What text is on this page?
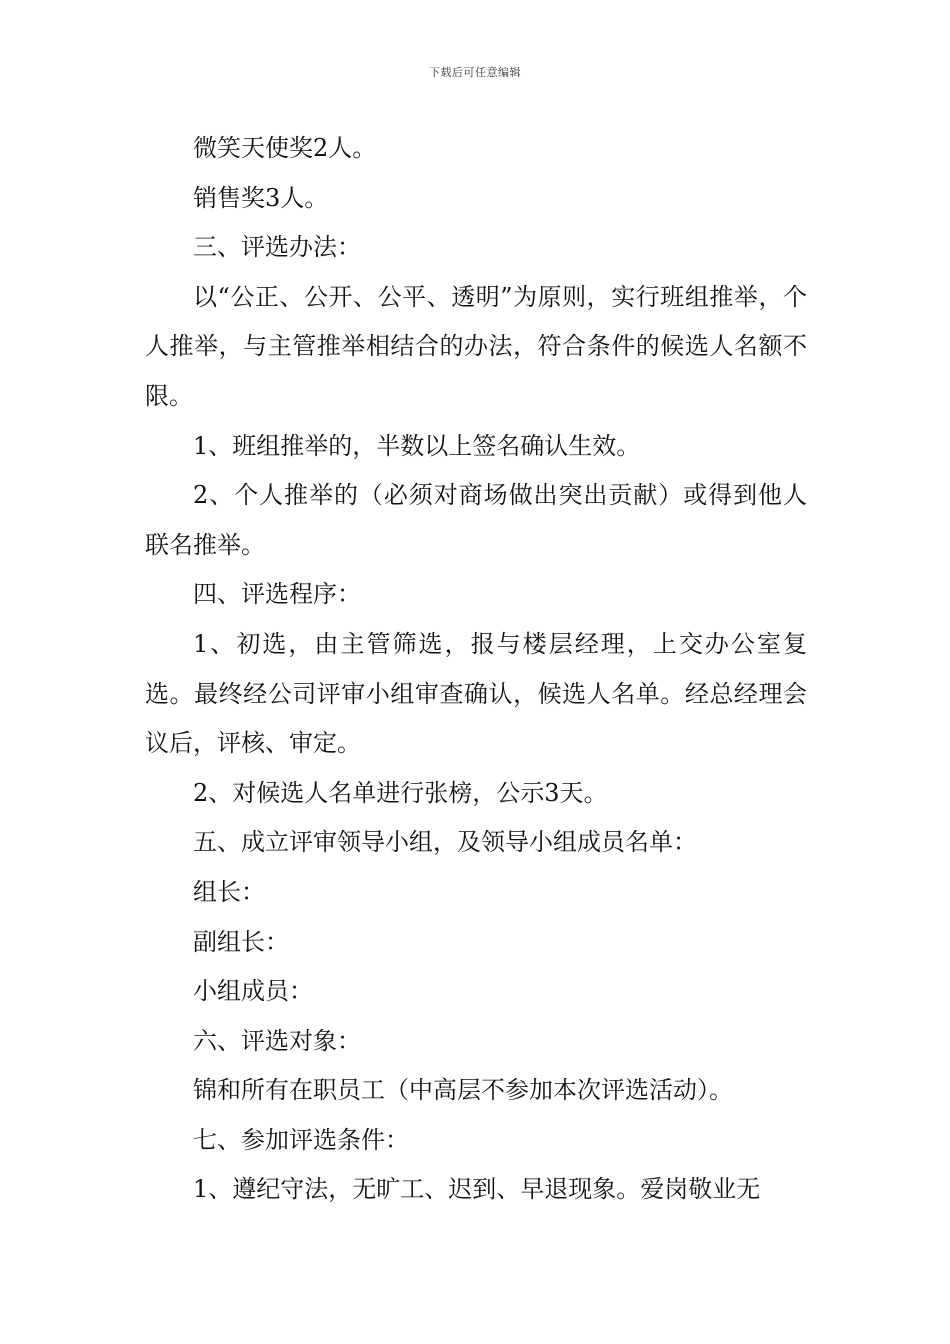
下载后可任意编辑

微笑天使奖2人。

销售奖3人。

三、评选办法：

以“公正、公开、公平、透明”为原则，实行班组推举，个人推举，与主管推举相结合的办法，符合条件的候选人名额不限。

1、班组推举的，半数以上签名确认生效。

2、个人推举的（必须对商场做出突出贡献）或得到他人联名推举。

四、评选程序：

1、初选，由主管筛选，报与楼层经理，上交办公室复选。最终经公司评审小组审查确认，候选人名单。经总经理会议后，评核、审定。

2、对候选人名单进行张榜，公示3天。

五、成立评审领导小组，及领导小组成员名单：

组长：

副组长：

小组成员：

六、评选对象：

锦和所有在职员工（中高层不参加本次评选活动）。

七、参加评选条件：

1、遵纪守法，无旷工、迟到、早退现象。爱岗敬业无
